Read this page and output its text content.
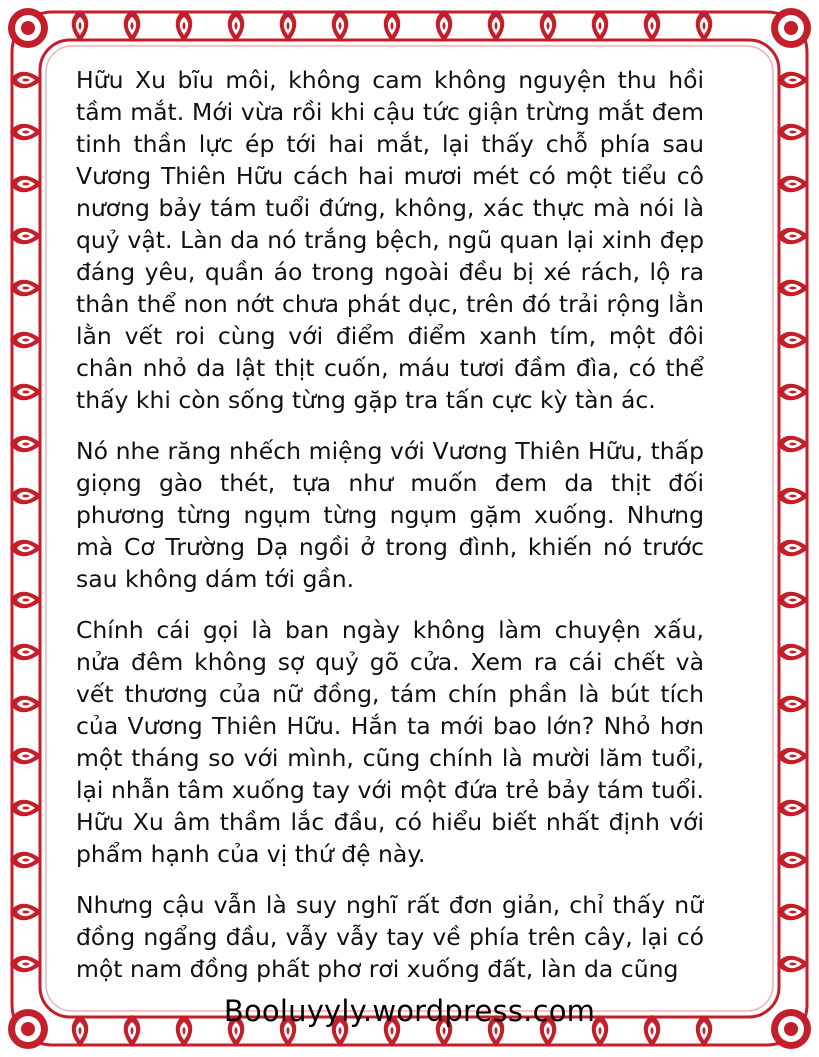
Hữu Xu bĩu môi, không cam không nguyện thu hồi tầm mắt. Mới vừa rồi khi cậu tức giận trừng mắt đem tinh thần lực ép tới hai mắt, lại thấy chỗ phía sau Vương Thiên Hữu cách hai mươi mét có một tiểu cô nương bảy tám tuổi đứng, không, xác thực mà nói là quỷ vật. Làn da nó trắng bệch, ngũ quan lại xinh đẹp đáng yêu, quần áo trong ngoài đều bị xé rách, lộ ra thân thể non nớt chưa phát dục, trên đó trải rộng lằn lằn vết roi cùng với điểm điểm xanh tím, một đôi chân nhỏ da lật thịt cuốn, máu tươi đầm đìa, có thể thấy khi còn sống từng gặp tra tấn cực kỳ tàn ác.

Nó nhe răng nhếch miệng với Vương Thiên Hữu, thấp giọng gào thét, tựa như muốn đem da thịt đối phương từng ngụm từng ngụm gặm xuống. Nhưng mà Cơ Trường Dạ ngồi ở trong đình, khiến nó trước sau không dám tới gần.

Chính cái gọi là ban ngày không làm chuyện xấu, nửa đêm không sợ quỷ gõ cửa. Xem ra cái chết và vết thương của nữ đồng, tám chín phần là bút tích của Vương Thiên Hữu. Hắn ta mới bao lớn? Nhỏ hơn một tháng so với mình, cũng chính là mười lăm tuổi, lại nhẫn tâm xuống tay với một đứa trẻ bảy tám tuổi. Hữu Xu âm thầm lắc đầu, có hiểu biết nhất định với phẩm hạnh của vị thứ đệ này.

Nhưng cậu vẫn là suy nghĩ rất đơn giản, chỉ thấy nữ đồng ngẩng đầu, vẫy vẫy tay về phía trên cây, lại có một nam đồng phất phơ rơi xuống đất, làn da cũng

Booluyyly.wordpress.com
